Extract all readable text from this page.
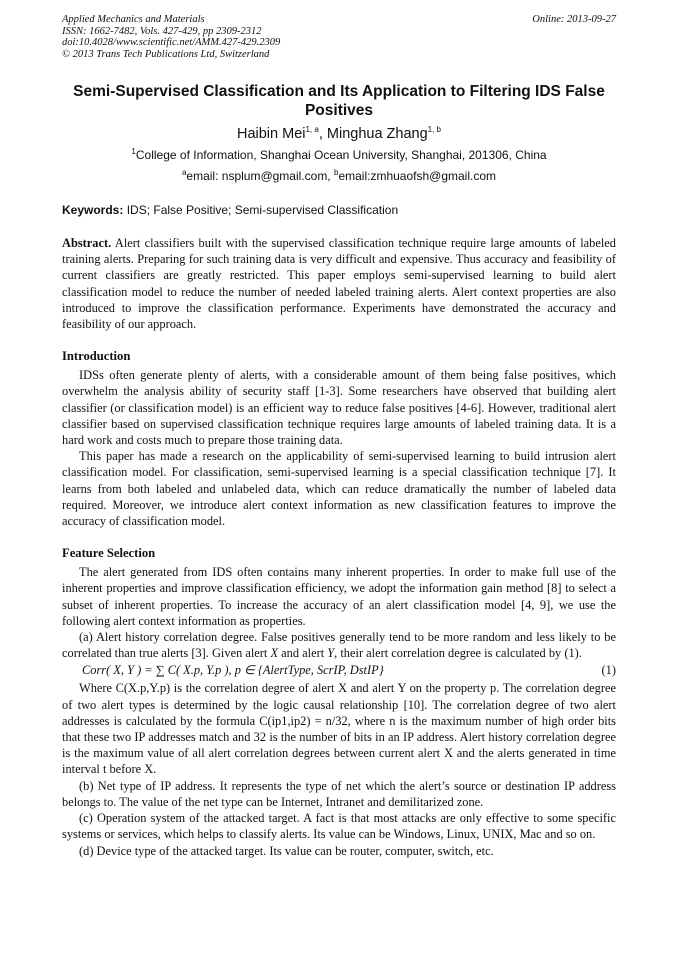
Applied Mechanics and Materials
ISSN: 1662-7482, Vols. 427-429, pp 2309-2312
doi:10.4028/www.scientific.net/AMM.427-429.2309
© 2013 Trans Tech Publications Ltd, Switzerland
Online: 2013-09-27
Semi-Supervised Classification and Its Application to Filtering IDS False Positives
Haibin Mei$^{1, a}$, Minghua Zhang$^{1, b}$
$^1$College of Information, Shanghai Ocean University, Shanghai, 201306, China
$^a$email: nsplum@gmail.com, $^b$email:zmhuaofsh@gmail.com
Keywords: IDS; False Positive; Semi-supervised Classification
Abstract. Alert classifiers built with the supervised classification technique require large amounts of labeled training alerts. Preparing for such training data is very difficult and expensive. Thus accuracy and feasibility of current classifiers are greatly restricted. This paper employs semi-supervised learning to build alert classification model to reduce the number of needed labeled training alerts. Alert context properties are also introduced to improve the classification performance. Experiments have demonstrated the accuracy and feasibility of our approach.
Introduction

IDSs often generate plenty of alerts, with a considerable amount of them being false positives, which overwhelm the analysis ability of security staff [1-3]. Some researchers have observed that building alert classifier (or classification model) is an efficient way to reduce false positives [4-6]. However, traditional alert classifier based on supervised classification technique requires large amounts of labeled training data. It is a hard work and costs much to prepare those training data.

This paper has made a research on the applicability of semi-supervised learning to build intrusion alert classification model. For classification, semi-supervised learning is a special classification technique [7]. It learns from both labeled and unlabeled data, which can reduce dramatically the number of labeled data required. Moreover, we introduce alert context information as new classification features to improve the accuracy of classification model.

Feature Selection

The alert generated from IDS often contains many inherent properties. In order to make full use of the inherent properties and improve classification efficiency, we adopt the information gain method [8] to select a subset of inherent properties. To increase the accuracy of an alert classification model [4, 9], we use the following alert context information as properties.

(a) Alert history correlation degree. False positives generally tend to be more random and less likely to be correlated than true alerts [3]. Given alert X and alert Y, their alert correlation degree is calculated by (1).

Corr( X, Y ) = ∑ C( X.p, Y.p ), p ∈ {AlertType, ScrIP, DstIP}	(1)

Where C(X.p,Y.p) is the correlation degree of alert X and alert Y on the property p. The correlation degree of two alert types is determined by the logic causal relationship [10]. The correlation degree of two alert addresses is calculated by the formula C(ip1,ip2) = n/32, where n is the maximum number of high order bits that these two IP addresses match and 32 is the number of bits in an IP address. Alert history correlation degree is the maximum value of all alert correlation degrees between current alert X and the alerts generated in time interval t before X.

(b) Net type of IP address. It represents the type of net which the alert’s source or destination IP address belongs to. The value of the net type can be Internet, Intranet and demilitarized zone.

(c) Operation system of the attacked target. A fact is that most attacks are only effective to some specific systems or services, which helps to classify alerts. Its value can be Windows, Linux, UNIX, Mac and so on.

(d) Device type of the attacked target. Its value can be router, computer, switch, etc.
